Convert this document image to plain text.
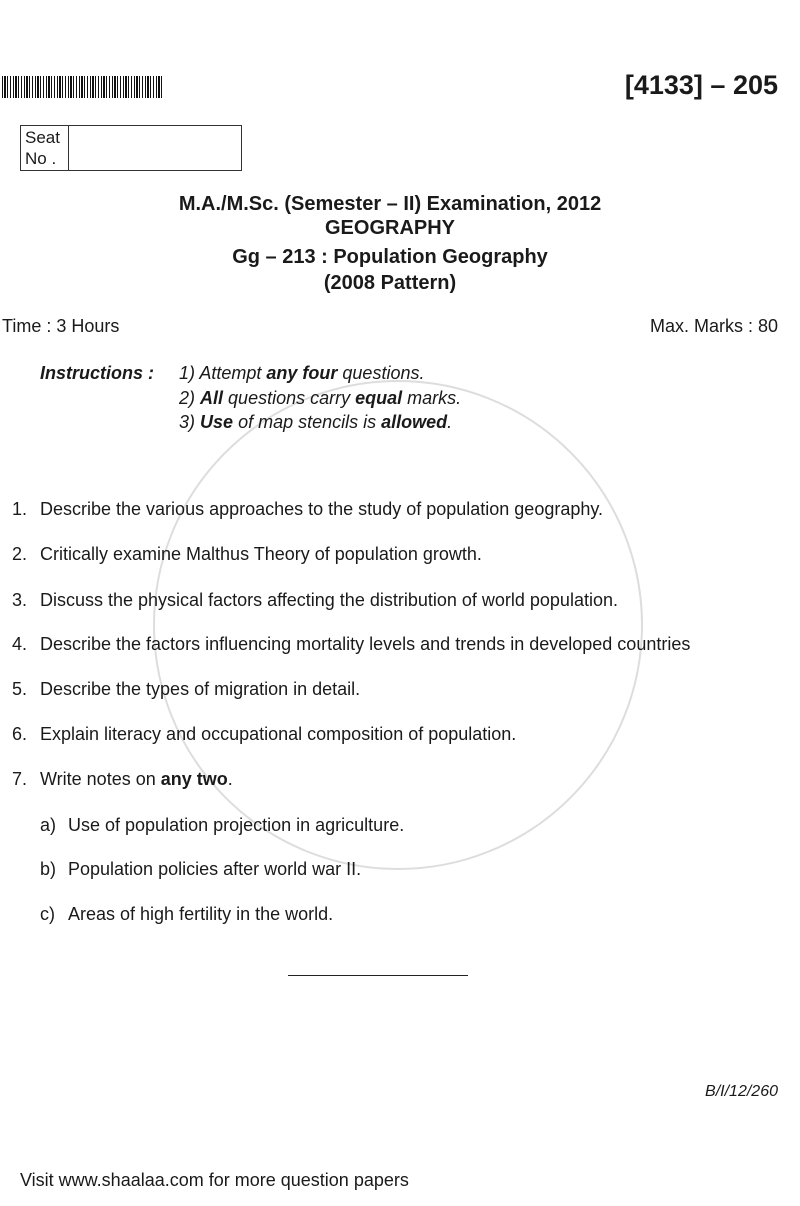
[4133] – 205
Seat
No .
M.A./M.Sc. (Semester – II) Examination, 2012
GEOGRAPHY
Gg – 213 : Population Geography
(2008 Pattern)
Time : 3 Hours	Max. Marks : 80
Instructions : 1) Attempt any four questions.
2) All questions carry equal marks.
3) Use of map stencils is allowed.
1. Describe the various approaches to the study of population geography.
2. Critically examine Malthus Theory of population growth.
3. Discuss the physical factors affecting the distribution of world population.
4. Describe the factors influencing mortality levels and trends in developed countries
5. Describe the types of migration in detail.
6. Explain literacy and occupational composition of population.
7. Write notes on any two.
a) Use of population projection in agriculture.
b) Population policies after world war II.
c) Areas of high fertility in the world.
B/I/12/260
Visit www.shaalaa.com for more question papers
